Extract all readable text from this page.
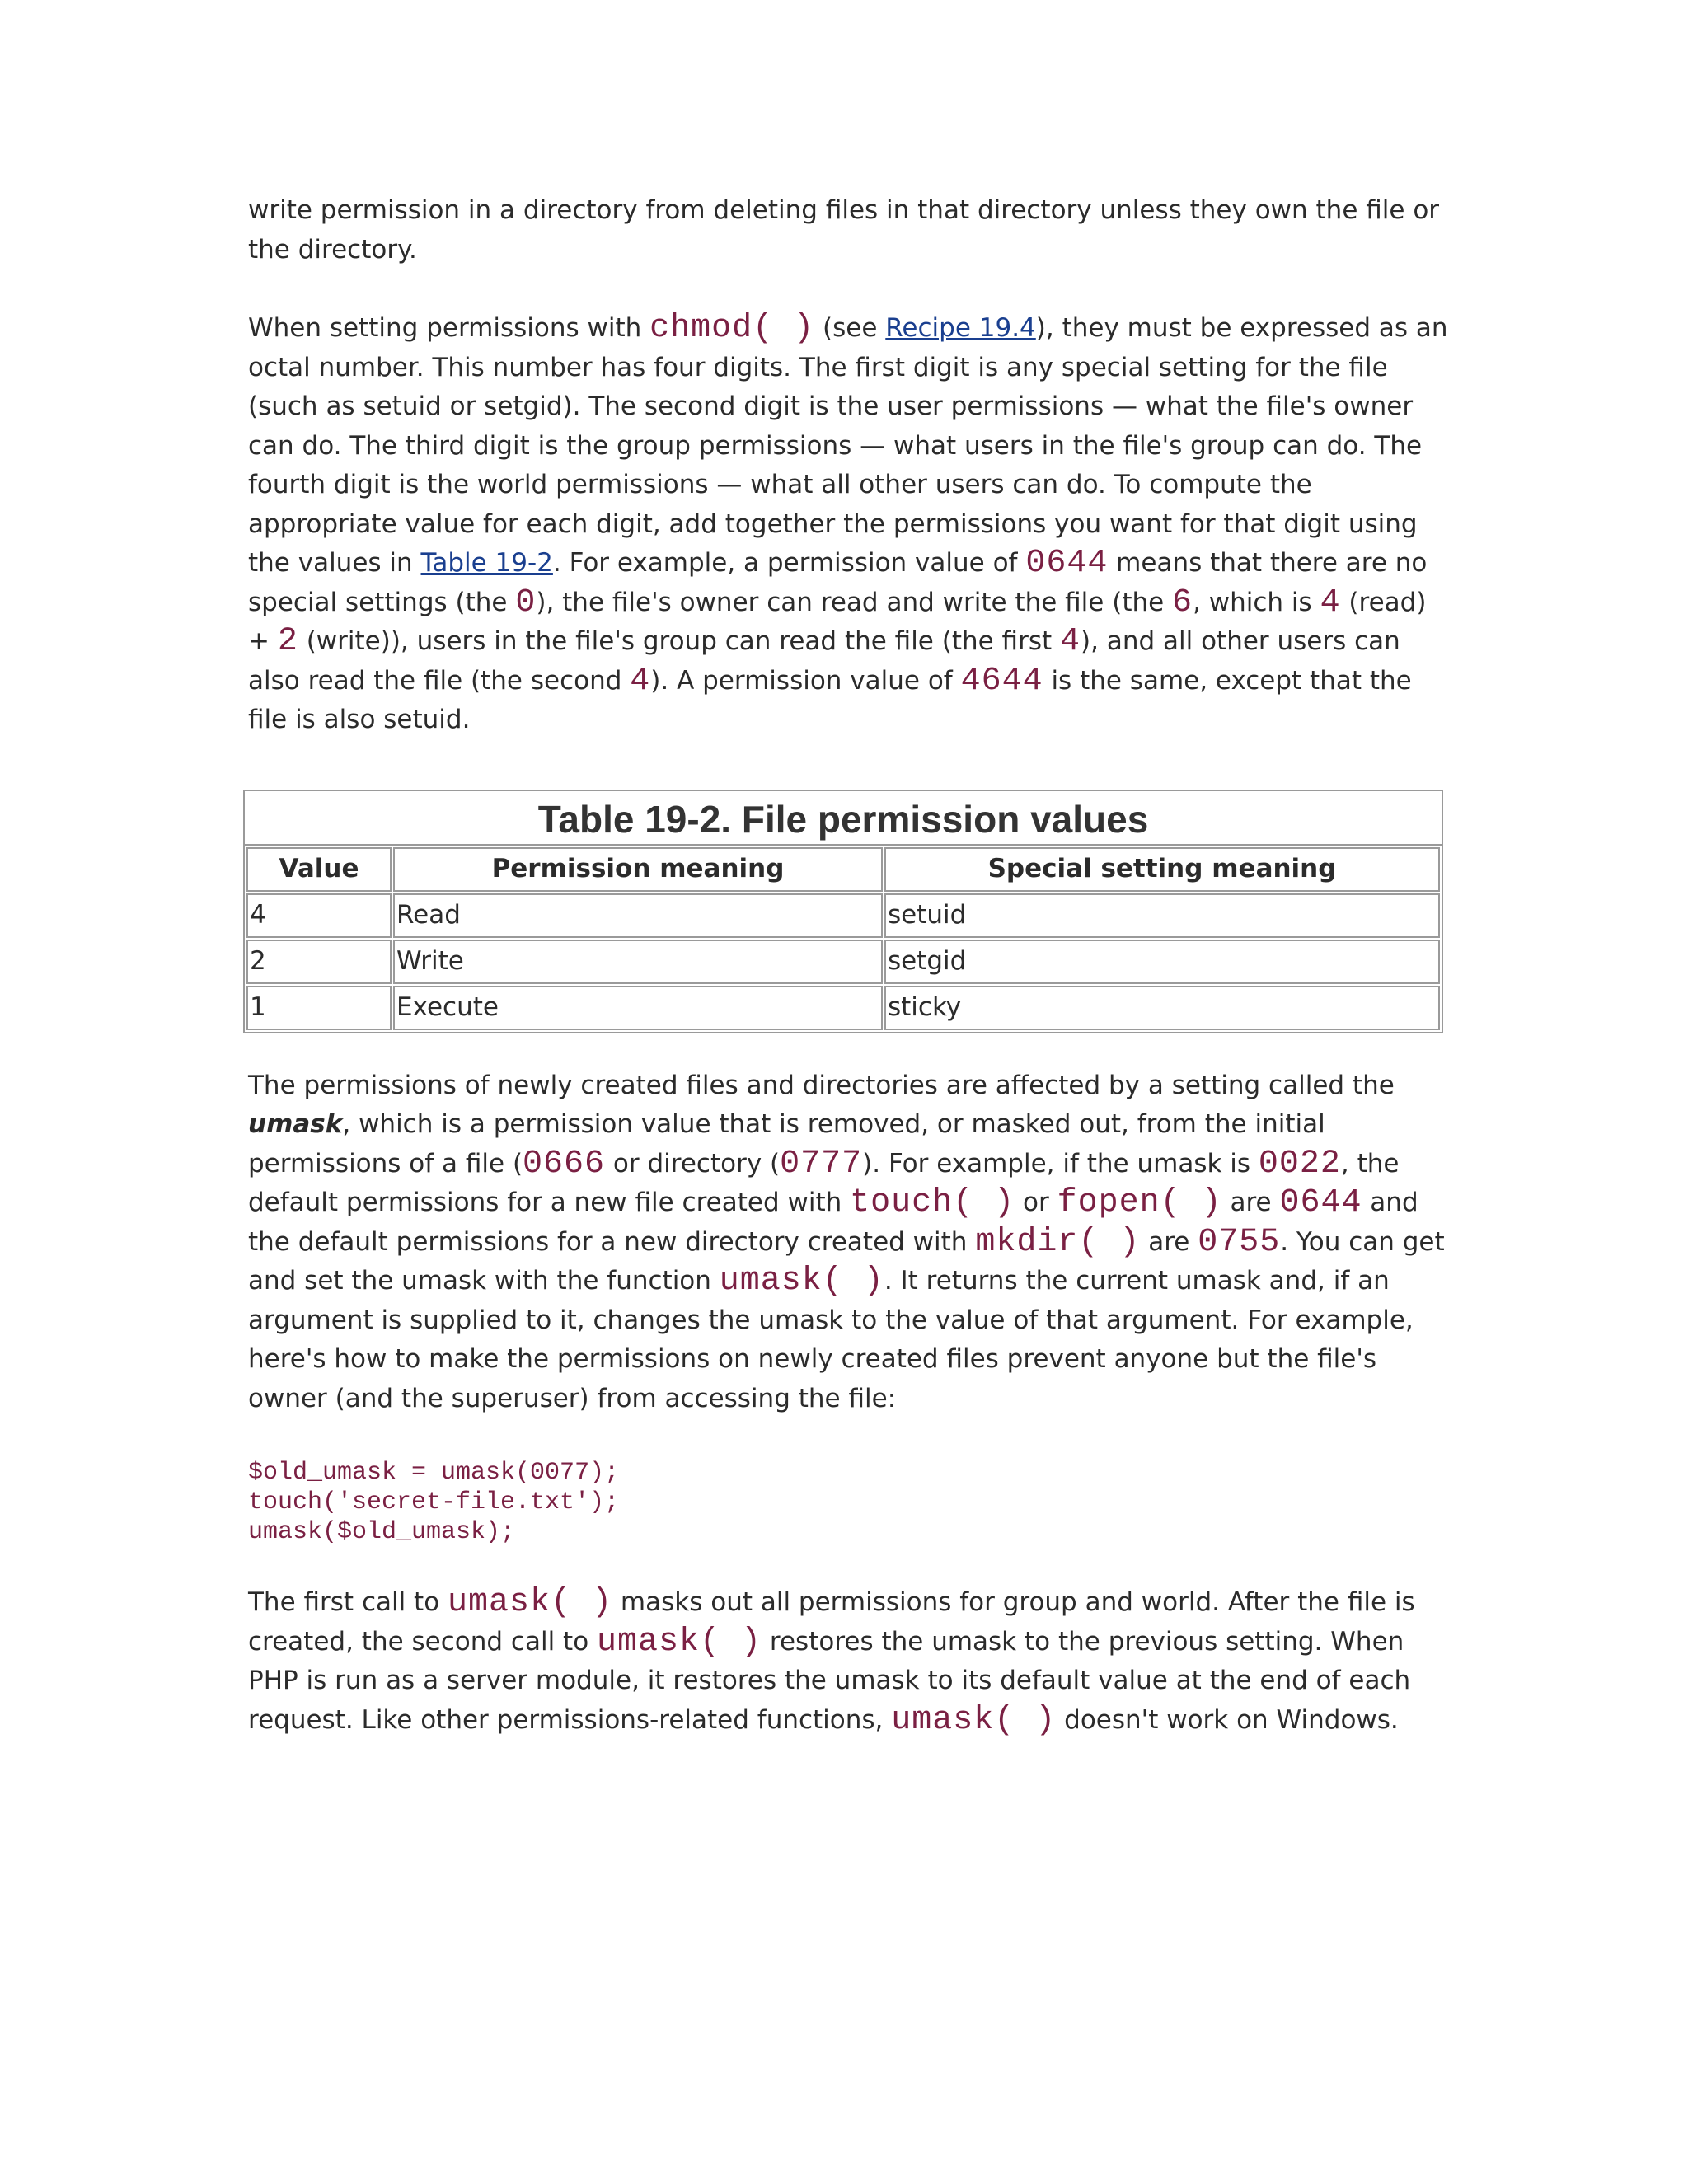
write permission in a directory from deleting files in that directory unless they own the file or the directory.

When setting permissions with chmod( ) (see Recipe 19.4), they must be expressed as an octal number. This number has four digits. The first digit is any special setting for the file (such as setuid or setgid). The second digit is the user permissions — what the file's owner can do. The third digit is the group permissions — what users in the file's group can do. The fourth digit is the world permissions — what all other users can do. To compute the appropriate value for each digit, add together the permissions you want for that digit using the values in Table 19-2. For example, a permission value of 0644 means that there are no special settings (the 0), the file's owner can read and write the file (the 6, which is 4 (read) + 2 (write)), users in the file's group can read the file (the first 4), and all other users can also read the file (the second 4). A permission value of 4644 is the same, except that the file is also setuid.

Table 19-2. File permission values
Value	Permission meaning	Special setting meaning
4	Read	setuid
2	Write	setgid
1	Execute	sticky

The permissions of newly created files and directories are affected by a setting called the umask, which is a permission value that is removed, or masked out, from the initial permissions of a file (0666 or directory (0777). For example, if the umask is 0022, the default permissions for a new file created with touch( ) or fopen( ) are 0644 and the default permissions for a new directory created with mkdir( ) are 0755. You can get and set the umask with the function umask( ). It returns the current umask and, if an argument is supplied to it, changes the umask to the value of that argument. For example, here's how to make the permissions on newly created files prevent anyone but the file's owner (and the superuser) from accessing the file:

$old_umask = umask(0077);
touch('secret-file.txt');
umask($old_umask);

The first call to umask( ) masks out all permissions for group and world. After the file is created, the second call to umask( ) restores the umask to the previous setting. When PHP is run as a server module, it restores the umask to its default value at the end of each request. Like other permissions-related functions, umask( ) doesn't work on Windows.
